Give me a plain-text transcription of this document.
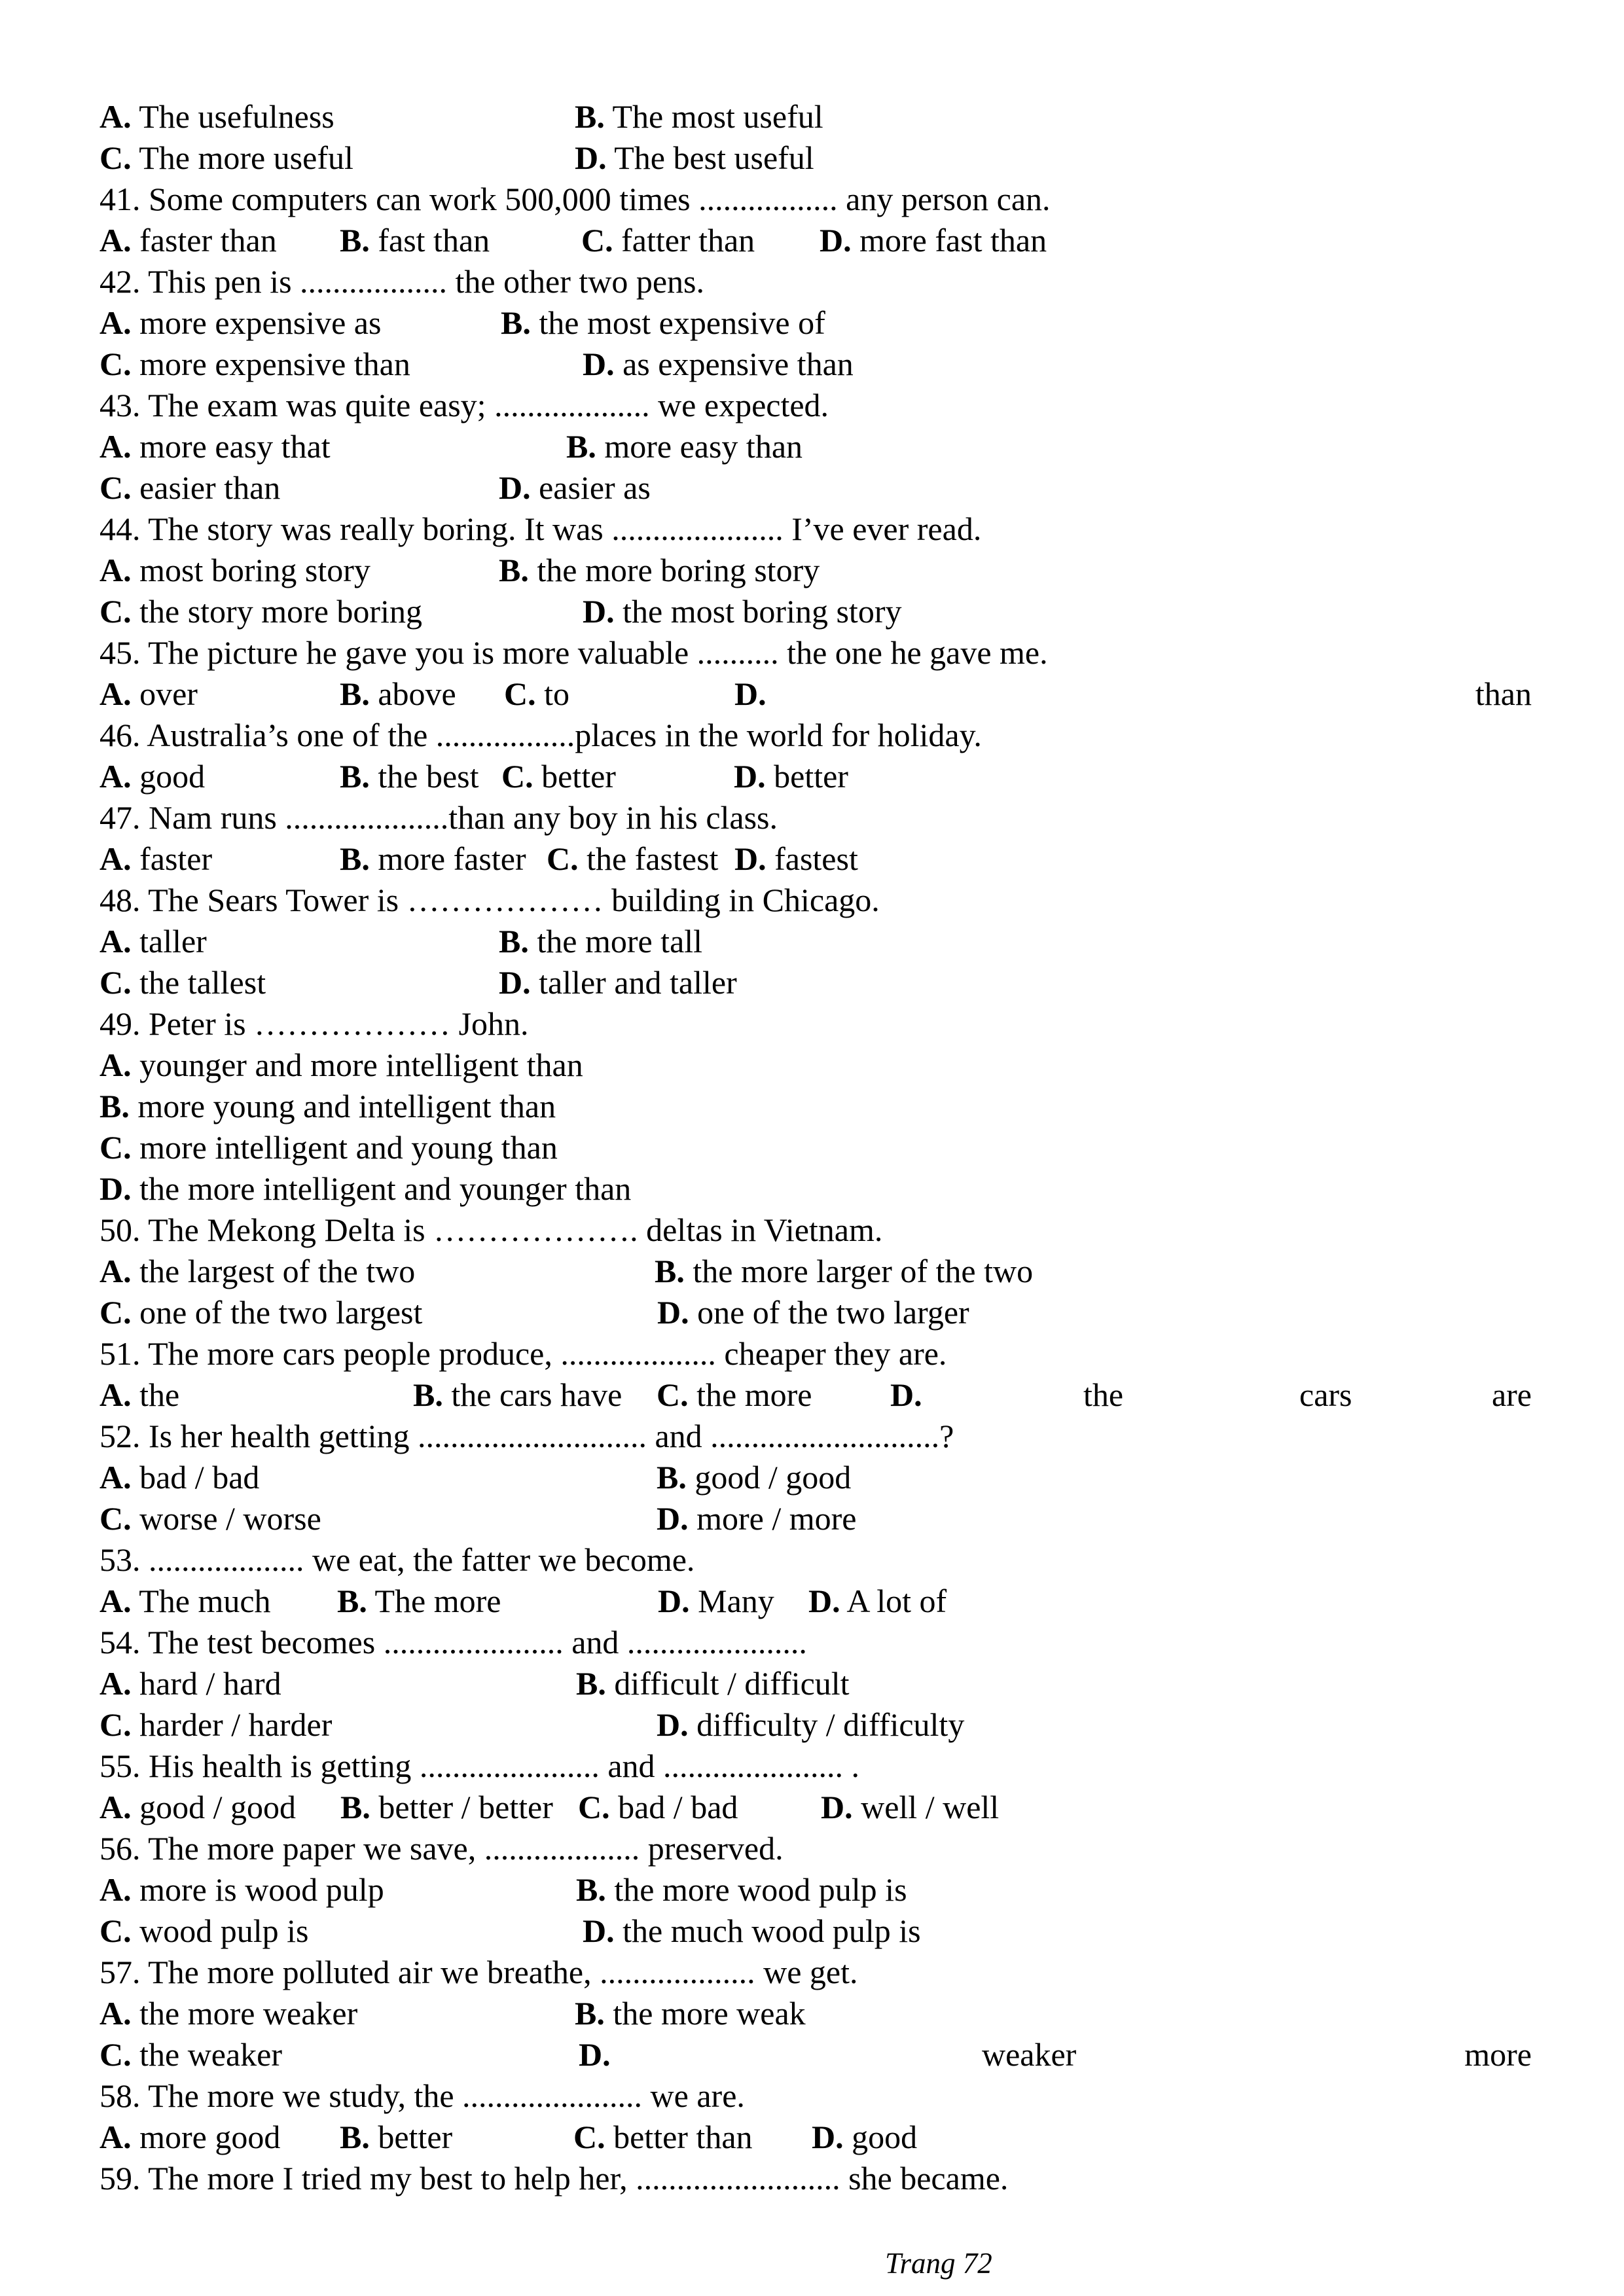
A. The usefulness	B. The most useful
C. The more useful	D. The best useful
41. Some computers can work 500,000 times ................. any person can.
A. faster than B. fast than	C. fatter than D. more fast than
42. This pen is .................. the other two pens.
A. more expensive as	B. the most expensive of
C. more expensive than	D. as expensive than
43. The exam was quite easy; ................... we expected.
A. more easy that	B. more easy than
C. easier than	D. easier as
44. The story was really boring. It was ..................... I’ve ever read.
A. most boring story	B. the more boring story
C. the story more boring	D. the most boring story
45. The picture he gave you is more valuable .......... the one he gave me.
A. over	B. above C. to	D.	than
46. Australia’s one of the .................places in the world for holiday.
A. good	B. the best C. better	D. better
47. Nam runs ....................than any boy in his class.
A. faster	B. more faster C. the fastest D. fastest
48. The Sears Tower is ……………… building in Chicago.
A. taller	B. the more tall
C. the tallest	D. taller and taller
49. Peter is ……………… John.
A. younger and more intelligent than
B. more young and intelligent than
C. more intelligent and young than
D. the more intelligent and younger than
50. The Mekong Delta is ………………. deltas in Vietnam.
A. the largest of the two	B. the more larger of the two
C. one of the two largest	D. one of the two larger
51. The more cars people produce, ................... cheaper they are.
A. the	B. the cars have C. the more D.	the	cars	are
52. Is her health getting ............................ and ............................?
A. bad / bad	B. good / good
C. worse / worse	D. more / more
53. ................... we eat, the fatter we become.
A. The much B. The more	D. Many D. A lot of
54. The test becomes ...................... and ......................
A. hard / hard	B. difficult / difficult
C. harder / harder	D. difficulty / difficulty
55. His health is getting ...................... and ...................... .
A. good / good B. better / better C. bad / bad	D. well / well
56. The more paper we save, ................... preserved.
A. more is wood pulp	B. the more wood pulp is
C. wood pulp is	D. the much wood pulp is
57. The more polluted air we breathe, ................... we get.
A. the more weaker	B. the more weak
C. the weaker	D.	weaker	more
58. The more we study, the ...................... we are.
A. more good B. better	C. better than D. good
59. The more I tried my best to help her, ......................... she became.
Trang 72
